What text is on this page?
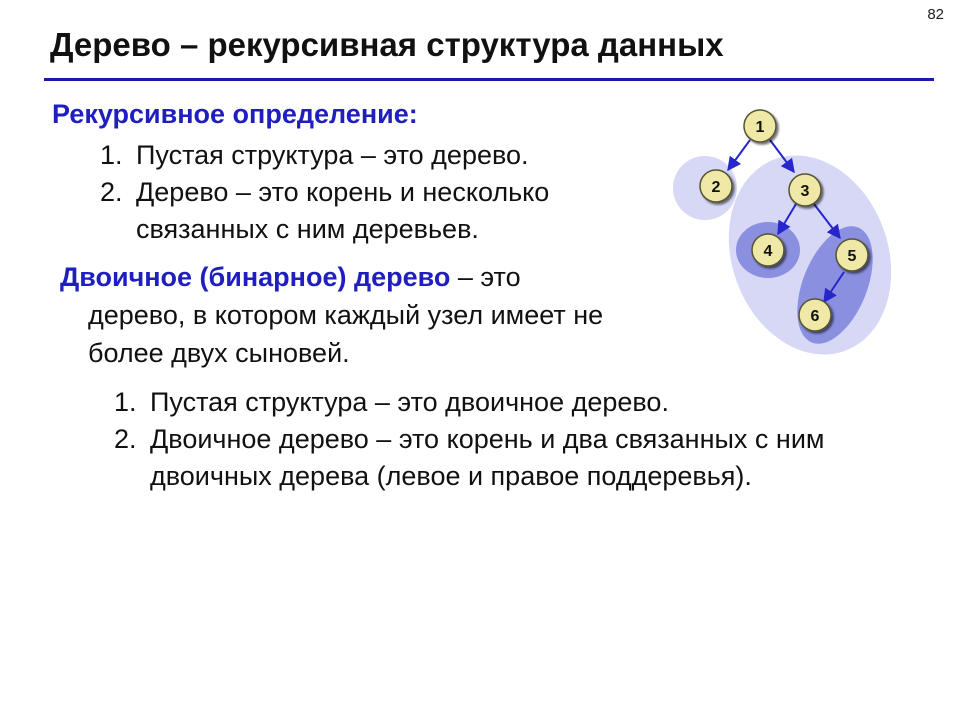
82
Дерево – рекурсивная структура данных
Рекурсивное определение:
1. Пустая структура – это дерево.
2. Дерево – это корень и несколько связанных с ним деревьев.
Двоичное (бинарное) дерево – это
дерево, в котором каждый узел имеет не
более двух сыновей.
1. Пустая структура – это двоичное дерево.
2. Двоичное дерево – это корень и два связанных с ним двоичных дерева (левое и правое поддеревья).
1
2	3
4	5
6
